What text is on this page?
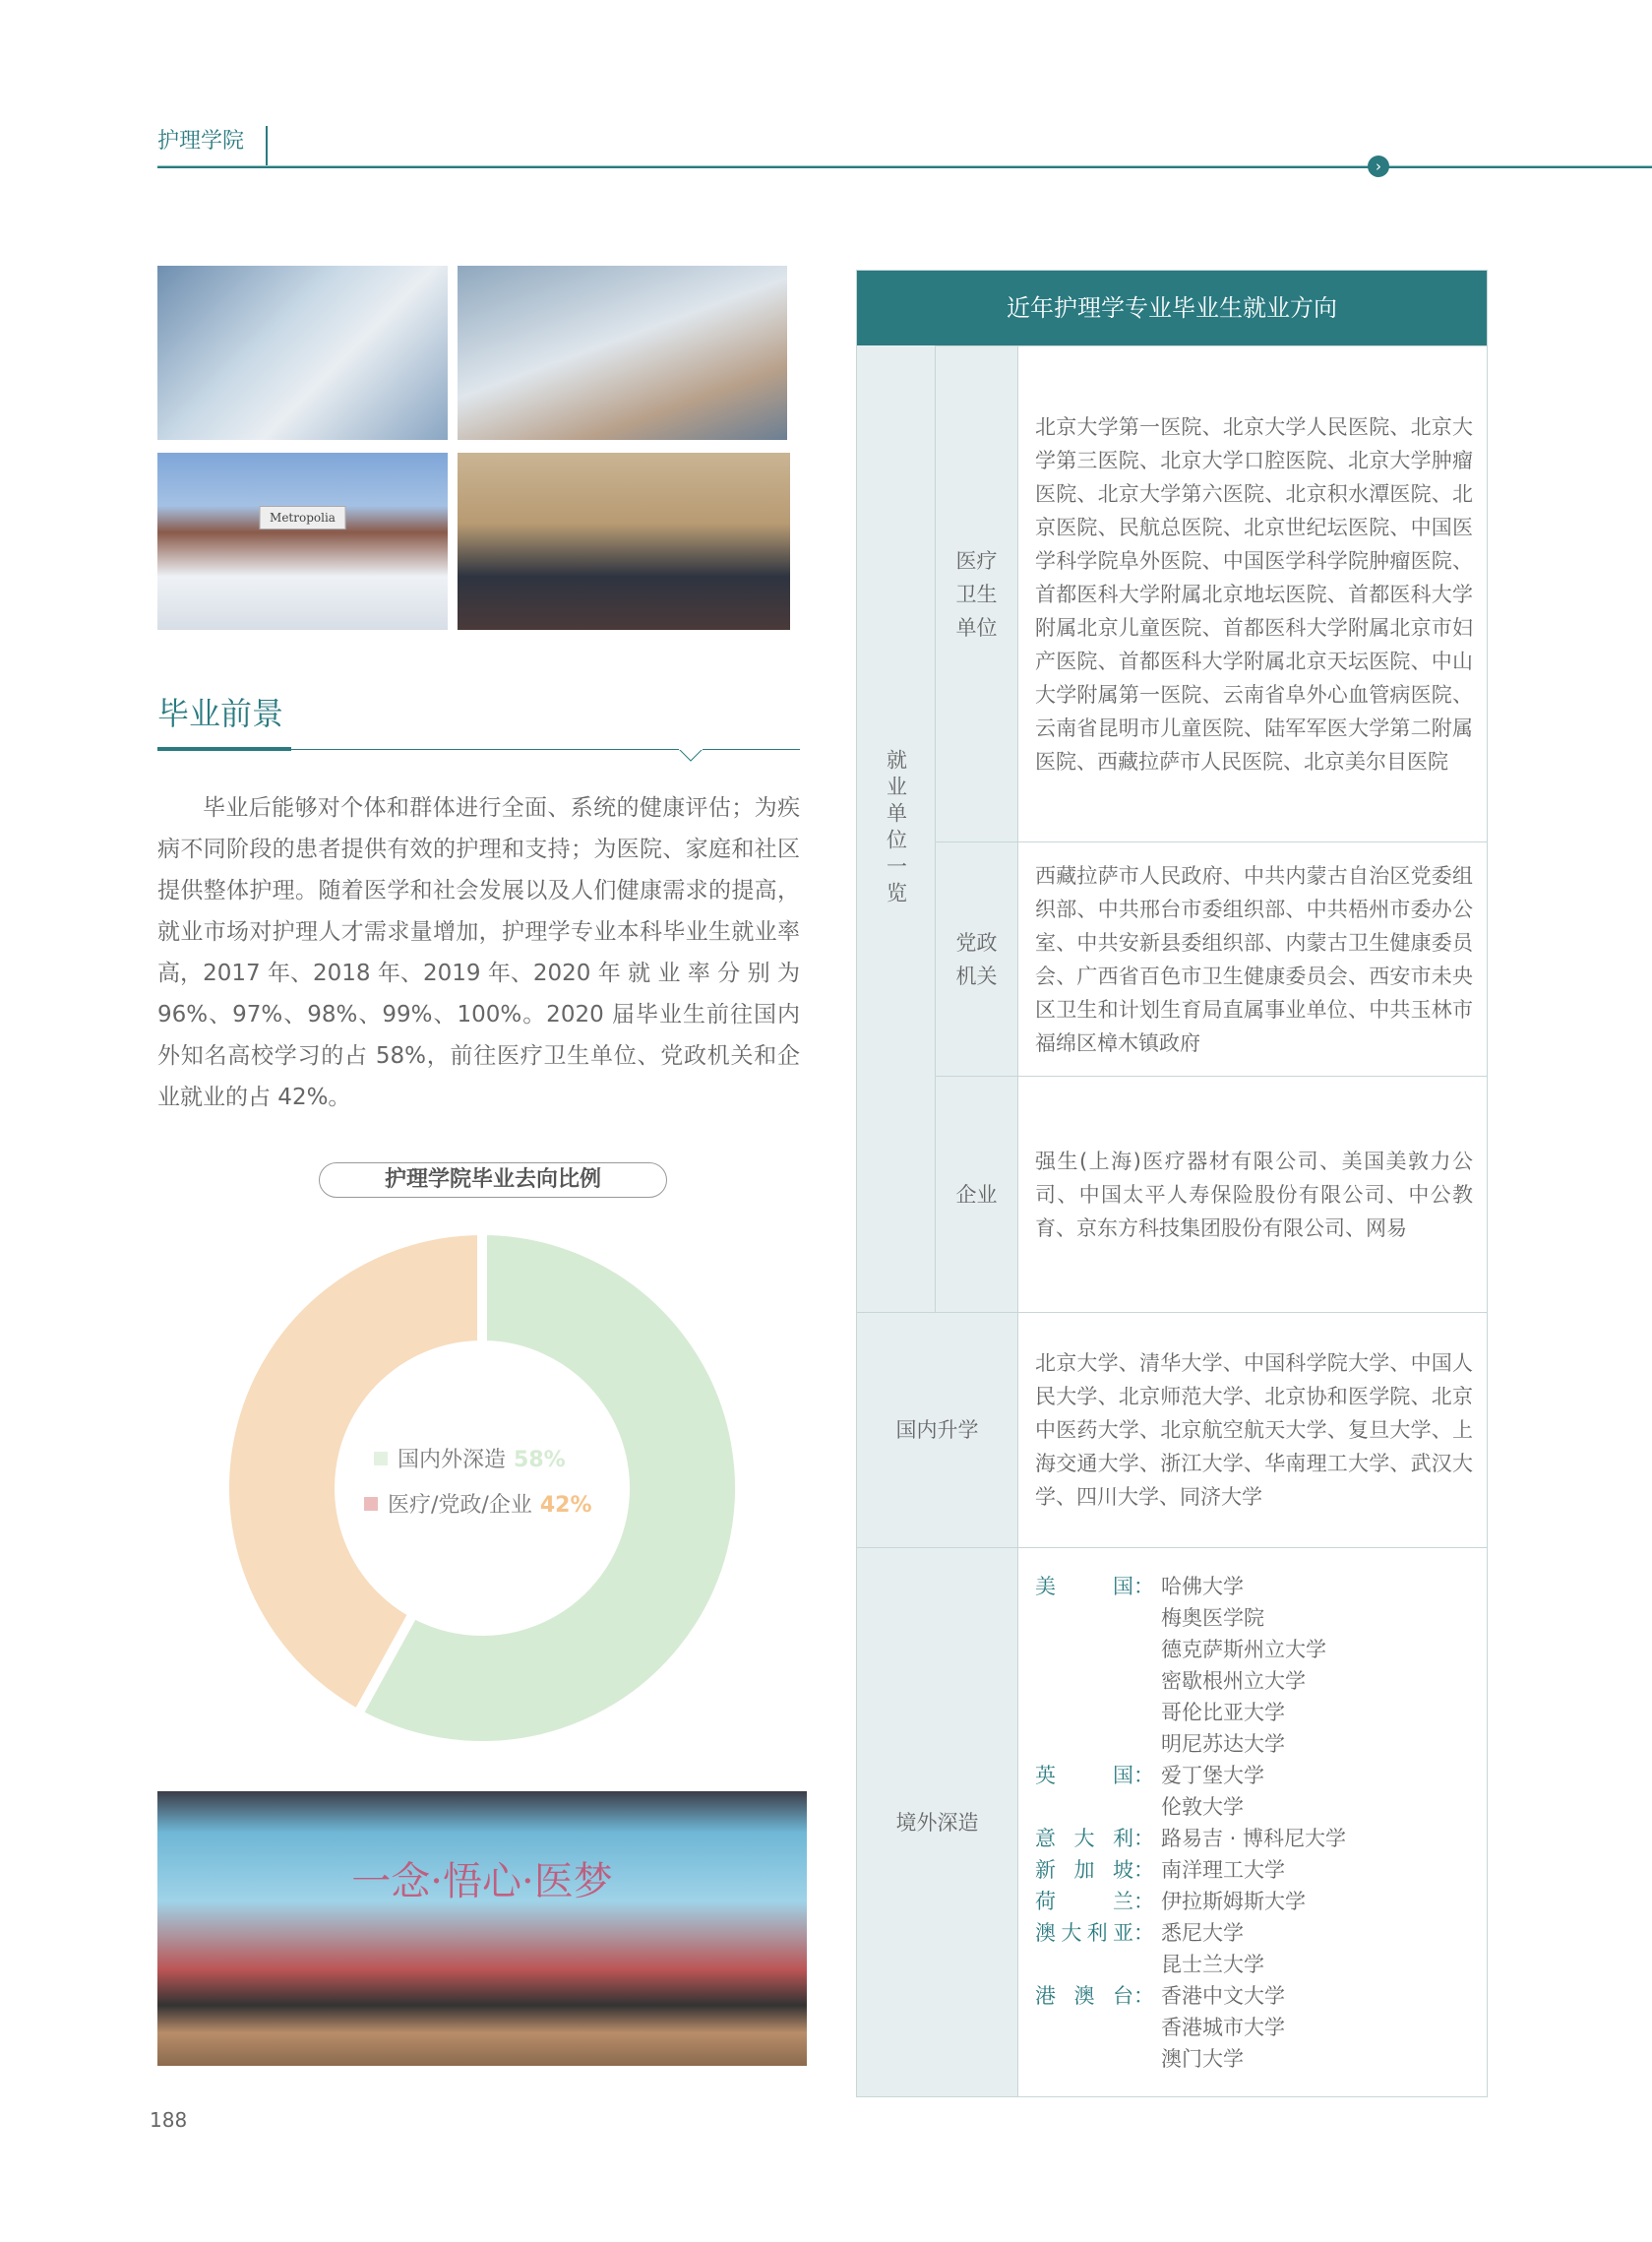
护理学院
›
Metropolia
毕业前景
毕业后能够对个体和群体进行全面、系统的健康评估；为疾病不同阶段的患者提供有效的护理和支持；为医院、家庭和社区提供整体护理。随着医学和社会发展以及人们健康需求的提高，就业市场对护理人才需求量增加，护理学专业本科毕业生就业率高，2017 年、2018 年、2019 年、2020 年 就 业 率 分 别 为 96%、97%、98%、99%、100%。2020 届毕业生前往国内外知名高校学习的占 58%，前往医疗卫生单位、党政机关和企业就业的占 42%。
护理学院毕业去向比例
国内外深造 58%
医疗/党政/企业 42%
一念·悟心·医梦
188
近年护理学专业毕业生就业方向
就业单位一览
医疗卫生单位
北京大学第一医院、北京大学人民医院、北京大学第三医院、北京大学口腔医院、北京大学肿瘤医院、北京大学第六医院、北京积水潭医院、北京医院、民航总医院、北京世纪坛医院、中国医学科学院阜外医院、中国医学科学院肿瘤医院、首都医科大学附属北京地坛医院、首都医科大学附属北京儿童医院、首都医科大学附属北京市妇产医院、首都医科大学附属北京天坛医院、中山大学附属第一医院、云南省阜外心血管病医院、云南省昆明市儿童医院、陆军军医大学第二附属医院、西藏拉萨市人民医院、北京美尔目医院
党政机关
西藏拉萨市人民政府、中共内蒙古自治区党委组织部、中共邢台市委组织部、中共梧州市委办公室、中共安新县委组织部、内蒙古卫生健康委员会、广西省百色市卫生健康委员会、西安市未央区卫生和计划生育局直属事业单位、中共玉林市福绵区樟木镇政府
企业
强生(上海)医疗器材有限公司、美国美敦力公司、中国太平人寿保险股份有限公司、中公教育、京东方科技集团股份有限公司、网易
国内升学
北京大学、清华大学、中国科学院大学、中国人民大学、北京师范大学、北京协和医学院、北京中医药大学、北京航空航天大学、复旦大学、上海交通大学、浙江大学、华南理工大学、武汉大学、四川大学、同济大学
境外深造
美国 ： 哈佛大学
梅奥医学院
德克萨斯州立大学
密歇根州立大学
哥伦比亚大学
明尼苏达大学
英国 ： 爱丁堡大学
伦敦大学
意大利 ： 路易吉 · 博科尼大学
新加坡 ： 南洋理工大学
荷兰 ： 伊拉斯姆斯大学
澳大利亚 ： 悉尼大学
昆士兰大学
港澳台 ： 香港中文大学
香港城市大学
澳门大学
